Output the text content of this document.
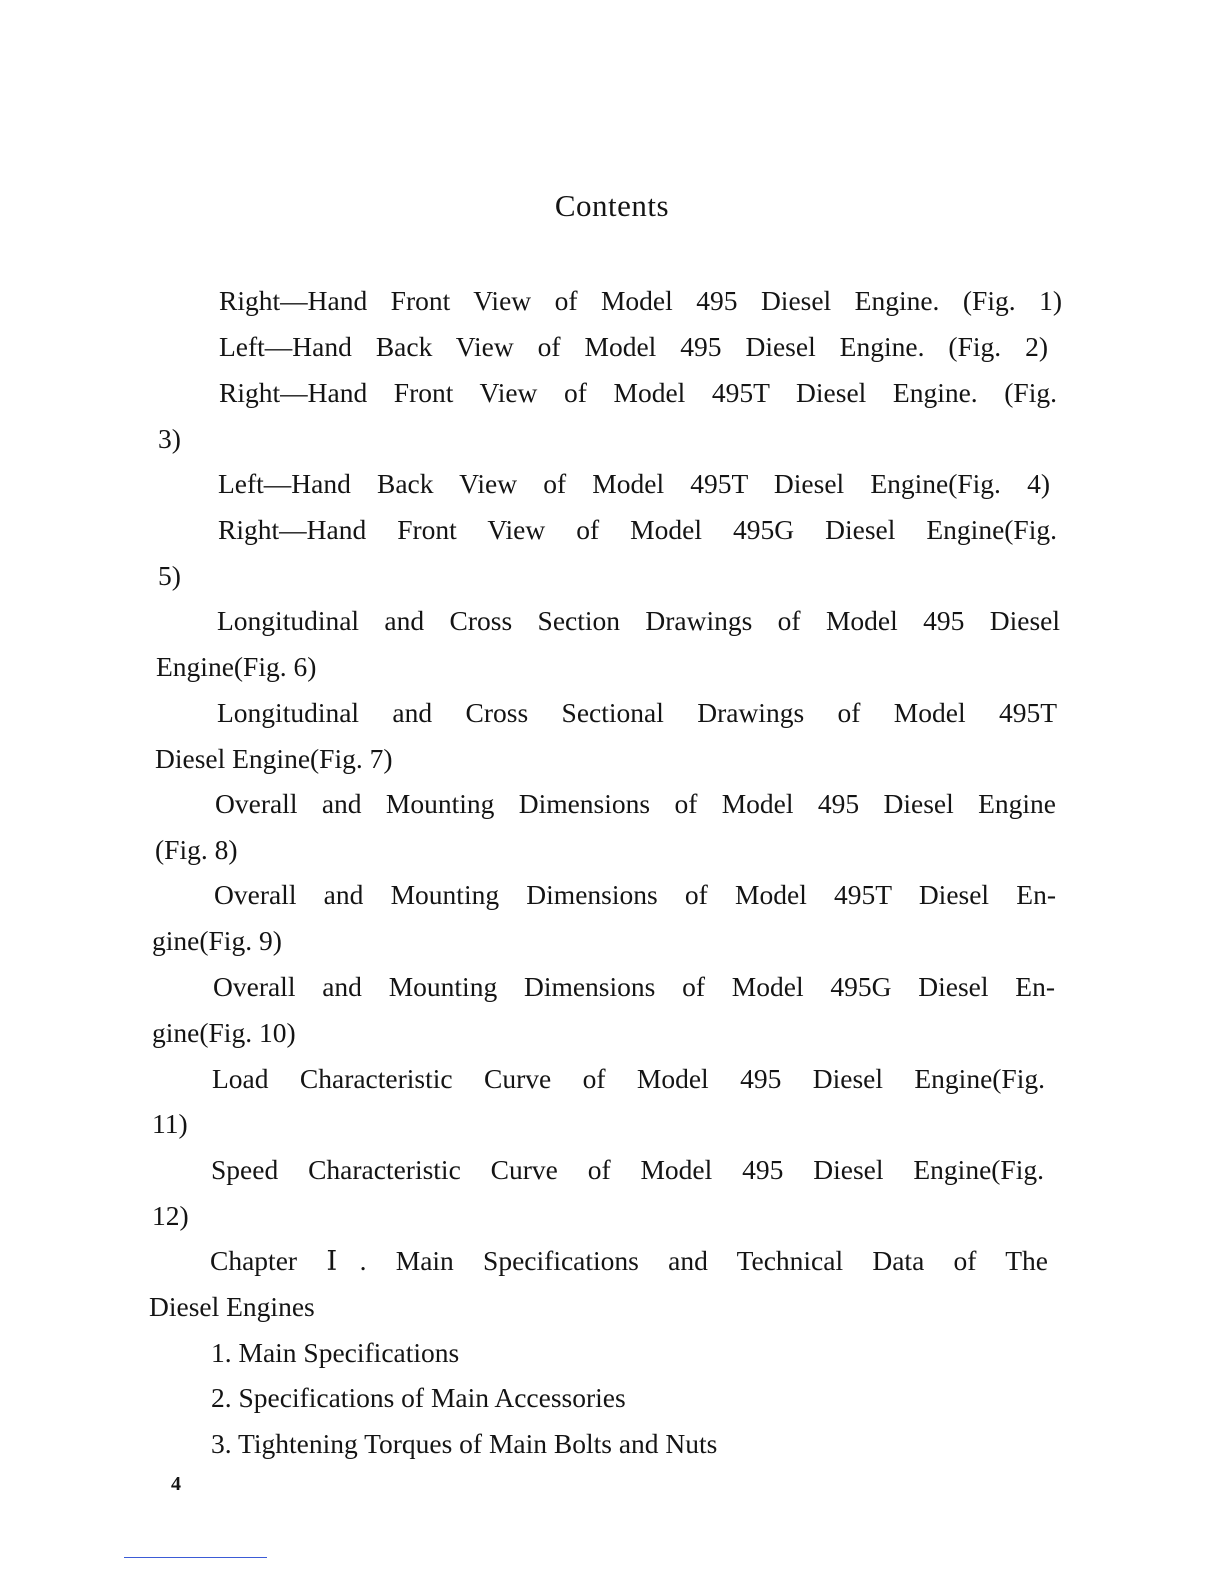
Contents
Right—Hand Front View of Model 495 Diesel Engine. (Fig. 1)
Left—Hand Back View of Model 495 Diesel Engine. (Fig. 2)
Right—Hand Front View of Model 495T Diesel Engine. (Fig.
3)
Left—Hand Back View of Model 495T Diesel Engine(Fig. 4)
Right—Hand Front View of Model 495G Diesel Engine(Fig.
5)
Longitudinal and Cross Section Drawings of Model 495 Diesel
Engine(Fig. 6)
Longitudinal and Cross Sectional Drawings of Model 495T
Diesel Engine(Fig. 7)
Overall and Mounting Dimensions of Model 495 Diesel Engine
(Fig. 8)
Overall and Mounting Dimensions of Model 495T Diesel En-
gine(Fig. 9)
Overall and Mounting Dimensions of Model 495G Diesel En-
gine(Fig. 10)
Load Characteristic Curve of Model 495 Diesel Engine(Fig.
11)
Speed Characteristic Curve of Model 495 Diesel Engine(Fig.
12)
Chapter Ⅰ. Main Specifications and Technical Data of The
Diesel Engines
1. Main Specifications
2. Specifications of Main Accessories
3. Tightening Torques of Main Bolts and Nuts
4
